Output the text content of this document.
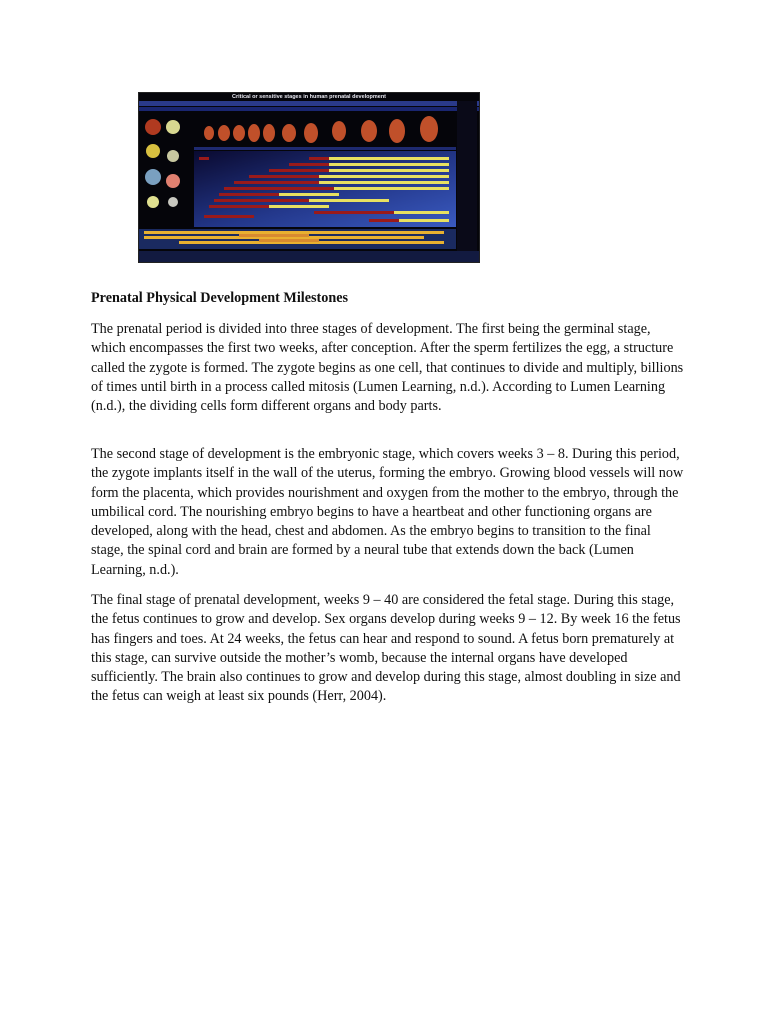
Critical or sensitive stages in human prenatal development
Prenatal Physical Development Milestones

The prenatal period is divided into three stages of development. The first being the germinal stage, which encompasses the first two weeks, after conception. After the sperm fertilizes the egg, a structure called the zygote is formed. The zygote begins as one cell, that continues to divide and multiply, billions of times until birth in a process called mitosis (Lumen Learning, n.d.). According to Lumen Learning (n.d.), the dividing cells form different organs and body parts.

The second stage of development is the embryonic stage, which covers weeks 3 – 8. During this period, the zygote implants itself in the wall of the uterus, forming the embryo. Growing blood vessels will now form the placenta, which provides nourishment and oxygen from the mother to the embryo, through the umbilical cord. The nourishing embryo begins to have a heartbeat and other functioning organs are developed, along with the head, chest and abdomen. As the embryo begins to transition to the final stage, the spinal cord and brain are formed by a neural tube that extends down the back (Lumen Learning, n.d.).

The final stage of prenatal development, weeks 9 – 40 are considered the fetal stage. During this stage, the fetus continues to grow and develop. Sex organs develop during weeks 9 – 12. By week 16 the fetus has fingers and toes. At 24 weeks, the fetus can hear and respond to sound. A fetus born prematurely at this stage, can survive outside the mother’s womb, because the internal organs have developed sufficiently. The brain also continues to grow and develop during this stage, almost doubling in size and the fetus can weigh at least six pounds (Herr, 2004).
